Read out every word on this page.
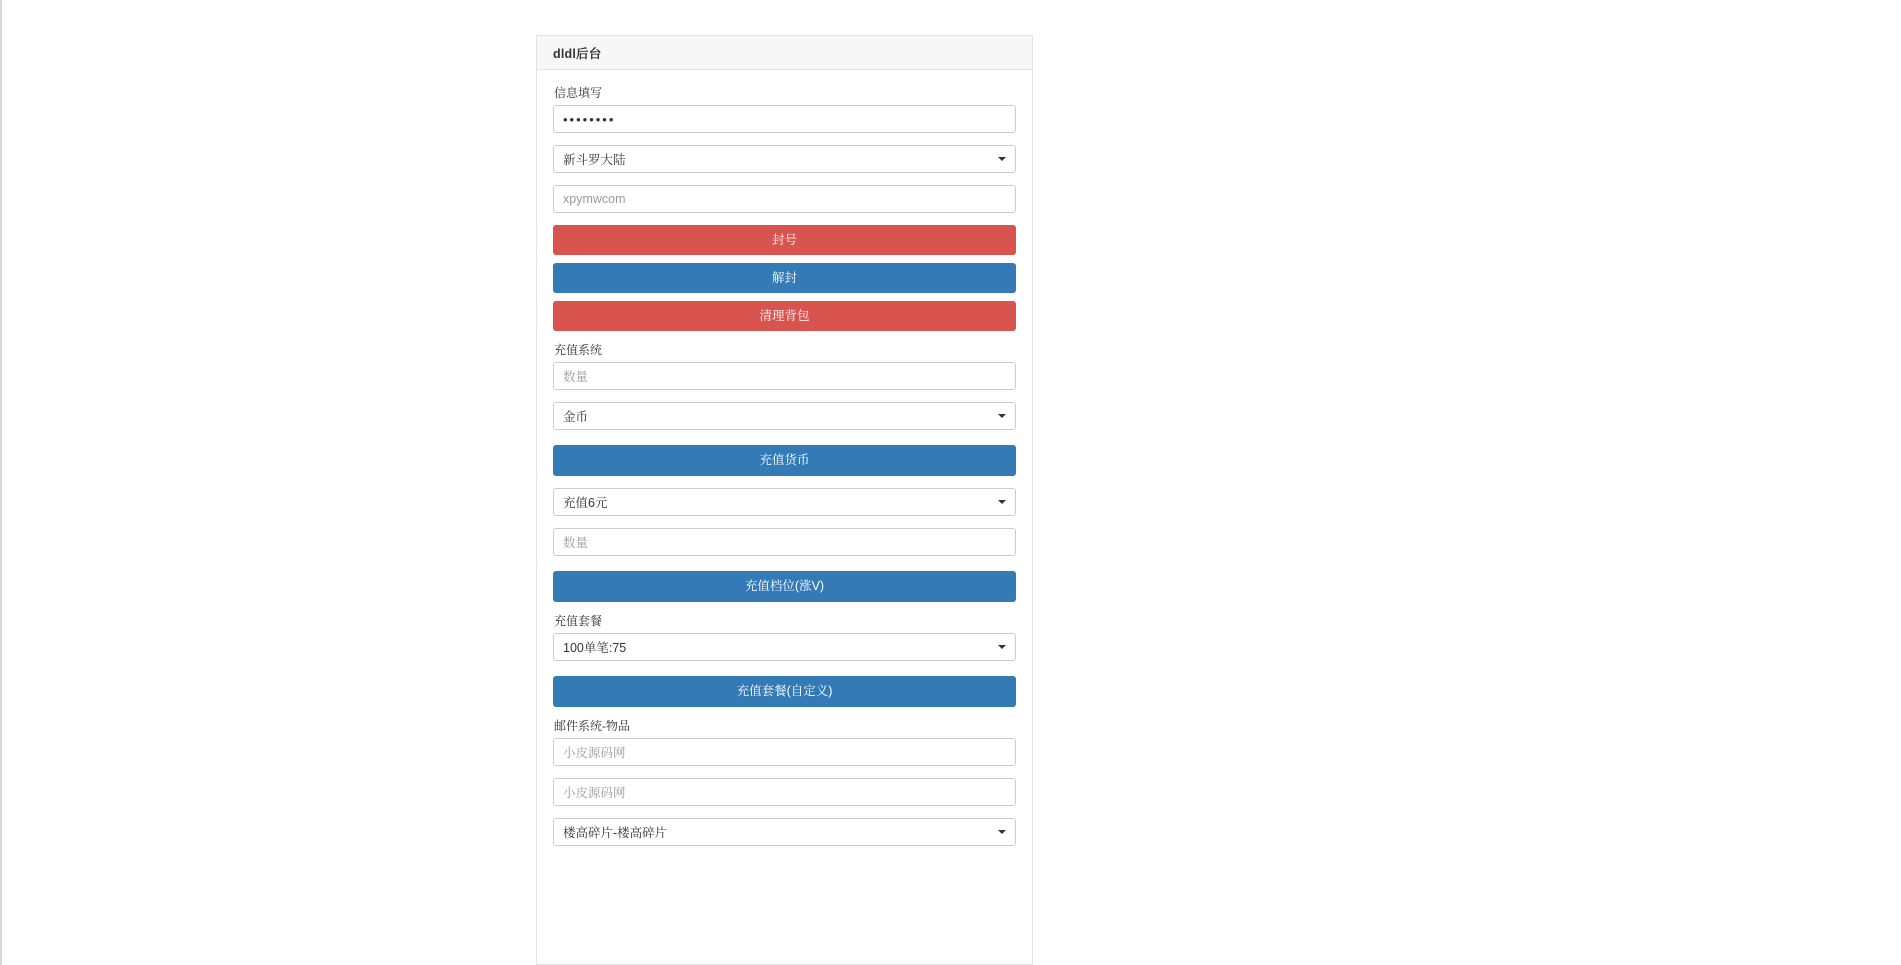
dldl后台
信息填写
••••••••
新斗罗大陆
xpymwcom
封号
解封
清理背包
充值系统
数量
金币
充值货币
充值6元
数量
充值档位(涨V)
充值套餐
100单笔:75
充值套餐(自定义)
邮件系统-物品
小皮源码网
小皮源码网
楼高碎片-楼高碎片
